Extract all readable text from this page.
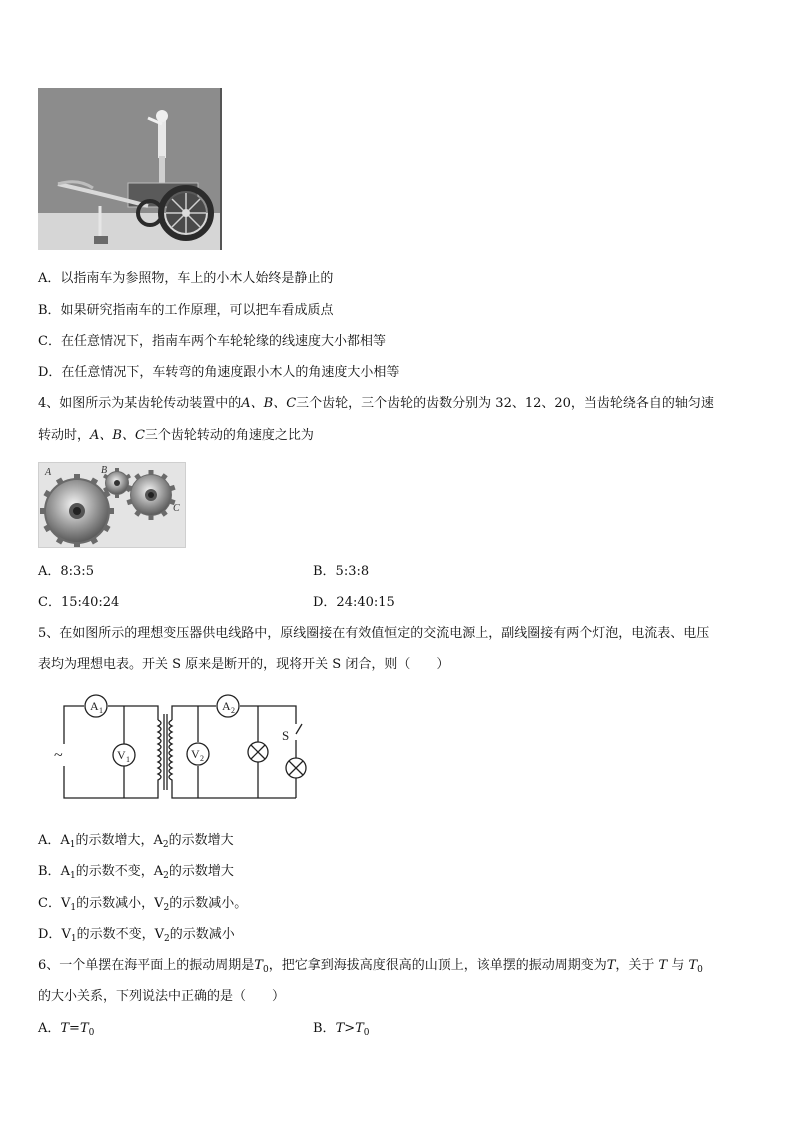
A．以指南车为参照物，车上的小木人始终是静止的
B．如果研究指南车的工作原理，可以把车看成质点
C．在任意情况下，指南车两个车轮轮缘的线速度大小都相等
D．在任意情况下，车转弯的角速度跟小木人的角速度大小相等
4、如图所示为某齿轮传动装置中的A、B、C三个齿轮，三个齿轮的齿数分别为 32、12、20，当齿轮绕各自的轴匀速
转动时，A、B、C三个齿轮转动的角速度之比为
A	B
C
A．8:3:5	B．5:3:8
C．15:40:24	D．24:40:15
5、在如图所示的理想变压器供电线路中，原线圈接在有效值恒定的交流电源上，副线圈接有两个灯泡，电流表、电压
表均为理想电表。开关 S 原来是断开的，现将开关 S 闭合，则（　　）
A 1
V 1
A 2
V 2
S
~
A．$A_1$的示数增大，$A_2$的示数增大
B．$A_1$的示数不变，$A_2$的示数增大
C．$V_1$的示数减小，$V_2$的示数减小。
D．$V_1$的示数不变，$V_2$的示数减小
6、一个单摆在海平面上的振动周期是$T_0$，把它拿到海拔高度很高的山顶上，该单摆的振动周期变为T，关于 T 与 $T_0$
的大小关系，下列说法中正确的是（　　）
A．$T=T_0$	B．$T>T_0$
